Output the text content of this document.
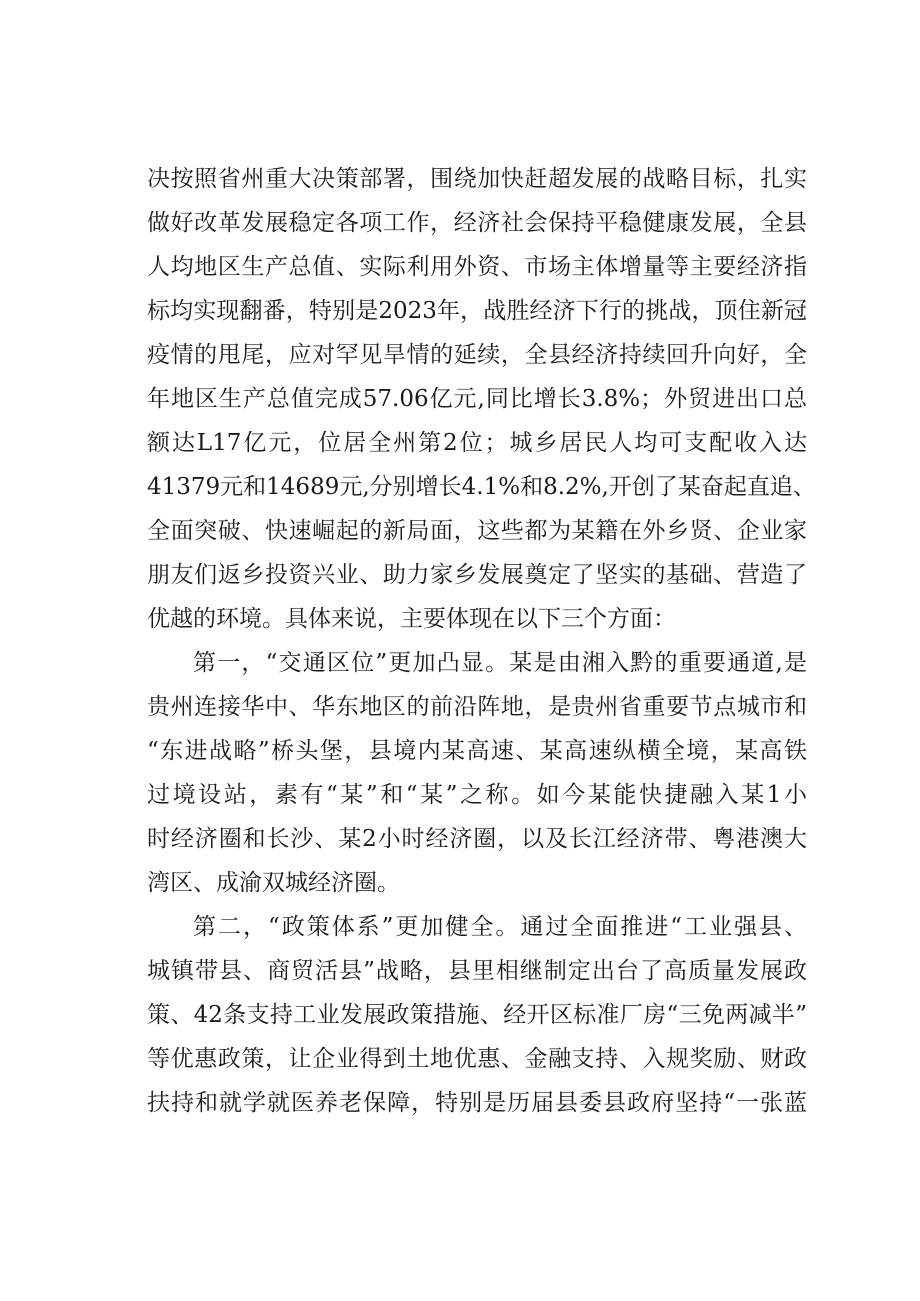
决按照省州重大决策部署，围绕加快赶超发展的战略目标，扎实
做好改革发展稳定各项工作，经济社会保持平稳健康发展，全县
人均地区生产总值、实际利用外资、市场主体增量等主要经济指
标均实现翻番，特别是2023年，战胜经济下行的挑战，顶住新冠
疫情的甩尾，应对罕见旱情的延续，全县经济持续回升向好，全
年地区生产总值完成57.06亿元,同比增长3.8%；外贸进出口总
额达L17亿元，位居全州第2位；城乡居民人均可支配收入达
41379元和14689元,分别增长4.1%和8.2%,开创了某奋起直追、
全面突破、快速崛起的新局面，这些都为某籍在外乡贤、企业家
朋友们返乡投资兴业、助力家乡发展奠定了坚实的基础、营造了
优越的环境。具体来说，主要体现在以下三个方面：
第一，“交通区位”更加凸显。某是由湘入黔的重要通道,是
贵州连接华中、华东地区的前沿阵地，是贵州省重要节点城市和
“东进战略”桥头堡，县境内某高速、某高速纵横全境，某高铁
过境设站，素有“某”和“某”之称。如今某能快捷融入某1小
时经济圈和长沙、某2小时经济圈，以及长江经济带、粤港澳大
湾区、成渝双城经济圈。
第二，“政策体系”更加健全。通过全面推进“工业强县、
城镇带县、商贸活县”战略，县里相继制定出台了高质量发展政
策、42条支持工业发展政策措施、经开区标准厂房“三免两减半”
等优惠政策，让企业得到土地优惠、金融支持、入规奖励、财政
扶持和就学就医养老保障，特别是历届县委县政府坚持“一张蓝
